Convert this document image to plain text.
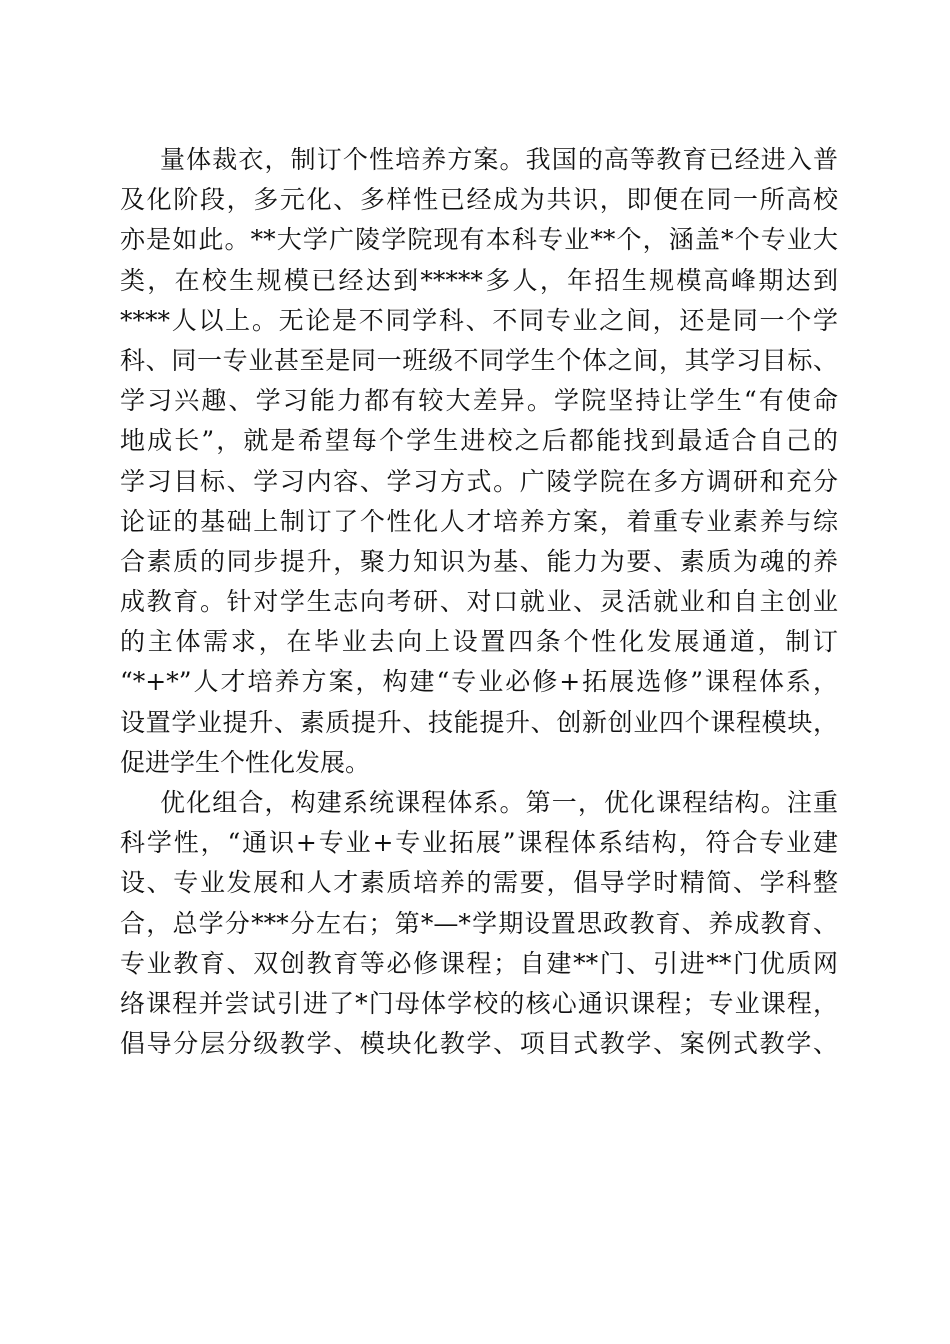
量体裁衣，制订个性培养方案。我国的高等教育已经进入普
及化阶段，多元化、多样性已经成为共识，即便在同一所高校
亦是如此。**大学广陵学院现有本科专业**个，涵盖*个专业大
类，在校生规模已经达到*****多人，年招生规模高峰期达到
****人以上。无论是不同学科、不同专业之间，还是同一个学
科、同一专业甚至是同一班级不同学生个体之间，其学习目标、
学习兴趣、学习能力都有较大差异。学院坚持让学生“有使命
地成长”，就是希望每个学生进校之后都能找到最适合自己的
学习目标、学习内容、学习方式。广陵学院在多方调研和充分
论证的基础上制订了个性化人才培养方案，着重专业素养与综
合素质的同步提升，聚力知识为基、能力为要、素质为魂的养
成教育。针对学生志向考研、对口就业、灵活就业和自主创业
的主体需求，在毕业去向上设置四条个性化发展通道，制订
“*+*”人才培养方案，构建“专业必修+拓展选修”课程体系，
设置学业提升、素质提升、技能提升、创新创业四个课程模块，
促进学生个性化发展。
优化组合，构建系统课程体系。第一，优化课程结构。注重
科学性，“通识+专业+专业拓展”课程体系结构，符合专业建
设、专业发展和人才素质培养的需要，倡导学时精简、学科整
合，总学分***分左右；第*—*学期设置思政教育、养成教育、
专业教育、双创教育等必修课程；自建**门、引进**门优质网
络课程并尝试引进了*门母体学校的核心通识课程；专业课程，
倡导分层分级教学、模块化教学、项目式教学、案例式教学、
